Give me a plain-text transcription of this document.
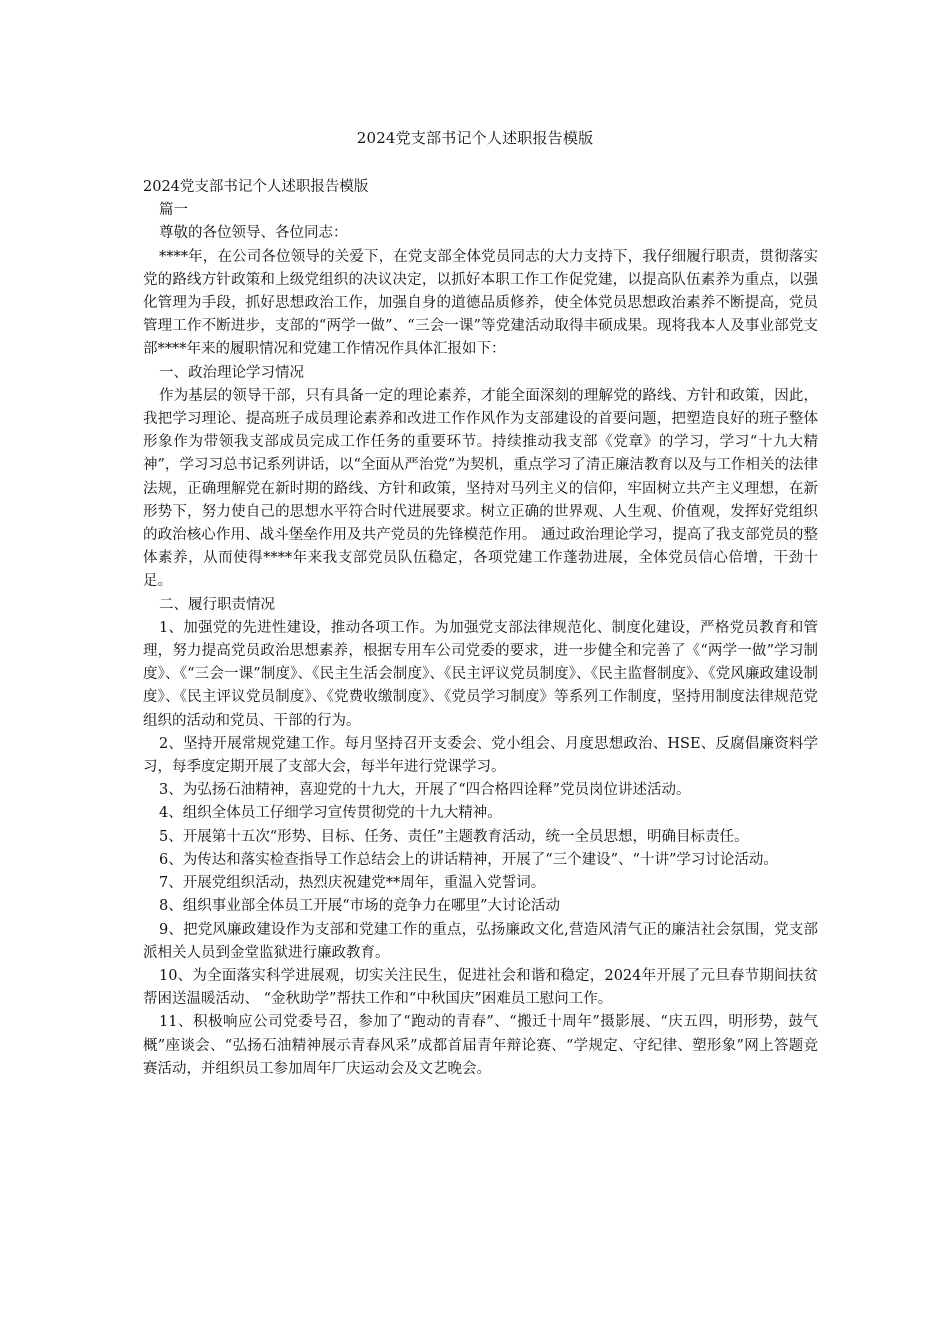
2024党支部书记个人述职报告模版

2024党支部书记个人述职报告模版

篇一

尊敬的各位领导、各位同志：

****年，在公司各位领导的关爱下，在党支部全体党员同志的大力支持下，我仔细履行职责，贯彻落实党的路线方针政策和上级党组织的决议决定，以抓好本职工作工作促党建，以提高队伍素养为重点，以强化管理为手段，抓好思想政治工作，加强自身的道德品质修养，使全体党员思想政治素养不断提高，党员管理工作不断进步，支部的“两学一做”、“三会一课”等党建活动取得丰硕成果。现将我本人及事业部党支部****年来的履职情况和党建工作情况作具体汇报如下：

一、政治理论学习情况

作为基层的领导干部，只有具备一定的理论素养，才能全面深刻的理解党的路线、方针和政策，因此，我把学习理论、提高班子成员理论素养和改进工作作风作为支部建设的首要问题，把塑造良好的班子整体形象作为带领我支部成员完成工作任务的重要环节。持续推动我支部《党章》的学习，学习“十九大精神”，学习习总书记系列讲话，以“全面从严治党”为契机，重点学习了清正廉洁教育以及与工作相关的法律法规，正确理解党在新时期的路线、方针和政策，坚持对马列主义的信仰，牢固树立共产主义理想，在新形势下，努力使自己的思想水平符合时代进展要求。树立正确的世界观、人生观、价值观，发挥好党组织的政治核心作用、战斗堡垒作用及共产党员的先锋模范作用。 通过政治理论学习，提高了我支部党员的整体素养，从而使得****年来我支部党员队伍稳定，各项党建工作蓬勃进展，全体党员信心倍增，干劲十足。

二、履行职责情况

1、加强党的先进性建设，推动各项工作。为加强党支部法律规范化、制度化建设，严格党员教育和管理，努力提高党员政治思想素养，根据专用车公司党委的要求，进一步健全和完善了《“两学一做”学习制度》、《“三会一课”制度》、《民主生活会制度》、《民主评议党员制度》、《民主监督制度》、《党风廉政建设制度》、《民主评议党员制度》、《党费收缴制度》、《党员学习制度》等系列工作制度，坚持用制度法律规范党组织的活动和党员、干部的行为。

2、坚持开展常规党建工作。每月坚持召开支委会、党小组会、月度思想政治、HSE、反腐倡廉资料学习，每季度定期开展了支部大会，每半年进行党课学习。

3、为弘扬石油精神，喜迎党的十九大，开展了“四合格四诠释”党员岗位讲述活动。

4、组织全体员工仔细学习宣传贯彻党的十九大精神。

5、开展第十五次“形势、目标、任务、责任”主题教育活动，统一全员思想，明确目标责任。

6、为传达和落实检查指导工作总结会上的讲话精神，开展了“三个建设”、“十讲”学习讨论活动。

7、开展党组织活动，热烈庆祝建党**周年，重温入党誓词。

8、组织事业部全体员工开展“市场的竞争力在哪里”大讨论活动

9、把党风廉政建设作为支部和党建工作的重点，弘扬廉政文化,营造风清气正的廉洁社会氛围，党支部派相关人员到金堂监狱进行廉政教育。

10、为全面落实科学进展观，切实关注民生，促进社会和谐和稳定，2024年开展了元旦春节期间扶贫帮困送温暖活动、 “金秋助学”帮扶工作和“中秋国庆”困难员工慰问工作。

11、积极响应公司党委号召，参加了“跑动的青春”、“搬迁十周年”摄影展、“庆五四，明形势，鼓气概”座谈会、“弘扬石油精神展示青春风采”成都首届青年辩论赛、“学规定、守纪律、塑形象”网上答题竞赛活动，并组织员工参加周年厂庆运动会及文艺晚会。
